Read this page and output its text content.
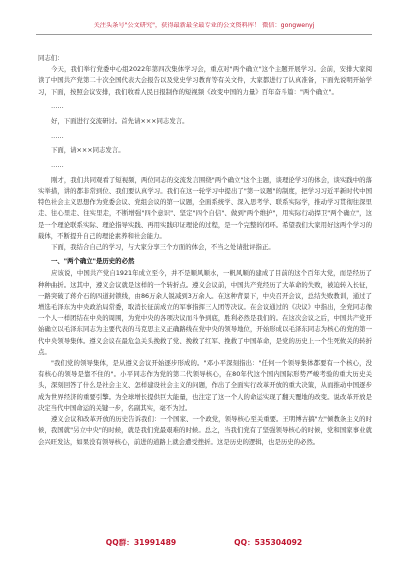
关注头条号"公文研究"，获得最新最全最专业的公文资料库！ 微信：gongwenyj

同志们：

今天，我们举行党委中心组2022年第四次集体学习会，重点对"两个确立"这个主题开展学习。会前，安排大家阅读了中国共产党第二十次全国代表大会报告以及党史学习教育等有关文件，大家都进行了认真准备，下面先说明开始学习，下面，按照会议安排，我们收看人民日报制作的短视频《改变中国的力量》百年奋斗篇："两个确立"。

……

好，下面进行交流研讨。首先请×××同志发言。

……

下面，请×××同志发言。

……

刚才，我们共同观看了短视频，两位同志的交流发言围绕"两个确立"这个主题，谈理论学习的体会，谈实践中的落实举措，讲的都非常到位、我们要认真学习。我们在这一轮学习中提出了"第一议题"的制度，把学习习近平新时代中国特色社会主义思想作为党委会议、党组会议的第一议题，全面系统学、深入思考学、联系实际学，推动学习贯彻往深里走、往心里走、往实里走，不断增强"四个意识"、坚定"四个自信"、做到"两个维护"，用实际行动捍卫"两个确立"，这是一个理论联系实际、理论指导实践、再用实践印证理论的过程，是一个完整的闭环。希望我们大家用好这两个学习的载体，不断提升自己的理论素养和社会能力。

下面，我结合自己的学习，与大家分享三个方面的体会，不当之处请批评指正。

一、"两个确立"是历史的必然

应该说，中国共产党自1921年成立至今，并不是顺风顺水，一帆风顺的建成了目前的这个百年大党，而是经历了种种曲折。这其中，遵义会议就是这样的一个转折点。遵义会议前，中国共产党经历了大革命的失败，被迫转入长征，一路突破了蒋介石的四道封锁线，由86万余人锐减到3万余人。在这种背景下，中央召开会议，总结失败教训，通过了增选毛泽东为中央政治局常委，取消长征前成立的军事指挥三人团等决议。在会议通过的《决议》中指出，全党同志像一个人一样团结在中央的周围，为党中央的各项决议而斗争到底，胜利必然是我们的。在这次会议之后，中国共产党开始确立以毛泽东同志为主要代表的马克思主义正确路线在党中央的领导地位，开始形成以毛泽东同志为核心的党的第一代中央领导集体。遵义会议在最危急关头挽救了党、挽救了红军、挽救了中国革命，是党的历史上一个生死攸关的转折点。

"我们党的领导集体，是从遵义会议开始逐步形成的。"邓小平深刻指出："任何一个领导集体都要有一个核心，没有核心的领导是靠不住的"。小平同志作为党的第二代领导核心，在80年代这个国内国际形势严峻考验的重大历史关头，深刻回答了什么是社会主义、怎样建设社会主义的问题，作出了全面实行改革开放的重大决策，从而推动中国逐步成为世界经济的重要引擎。为全球增长提供巨大能量，也注定了这一个人的命运实现了翻天覆地的改变。说改革开放是决定当代中国命运的关键一步，名副其实，毫不为过。

遵义会议和改革开放的历史告诉我们：一个国家、一个政党，领导核心至关重要。王明博古搞"左"倾教条主义的时候，我国就"另立中央"的时候，就是我们党最艰难的时候。总之，当我们党有了坚强领导核心的时候，党和国家事业就会兴旺发达，如果没有领导核心，前进的道路上就会遭受挫折。这是历史的逻辑，也是历史的必然。

QQ群：31991489	QQ：535304092
